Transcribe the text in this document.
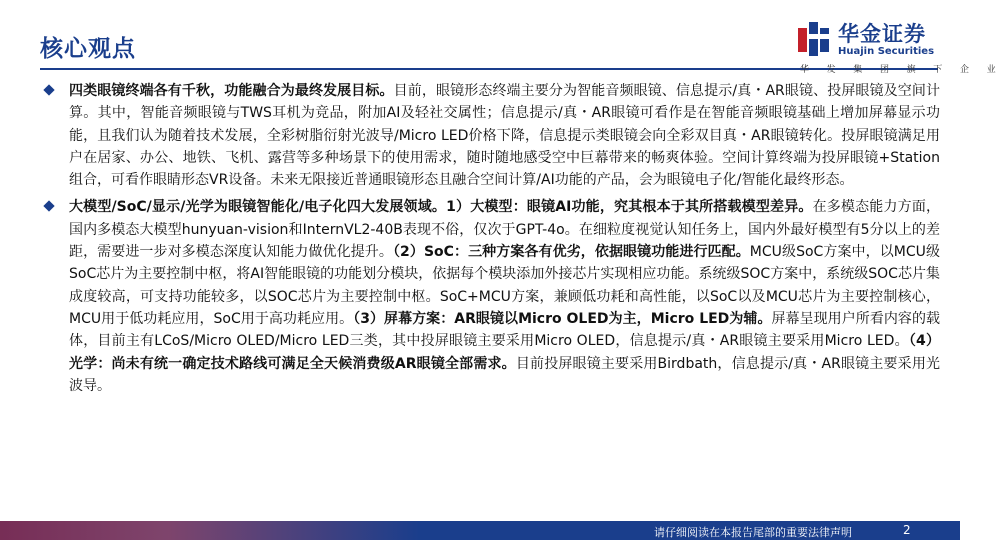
核心观点
华金证券
Huajin Securities
华 发 集 团 旗 下 企 业
四类眼镜终端各有千秋，功能融合为最终发展目标。目前，眼镜形态终端主要分为智能音频眼镜、信息提示/真・AR眼镜、投屏眼镜及空间计算。其中，智能音频眼镜与TWS耳机为竞品，附加AI及轻社交属性；信息提示/真・AR眼镜可看作是在智能音频眼镜基础上增加屏幕显示功能，且我们认为随着技术发展，全彩树脂衍射光波导/Micro LED价格下降，信息提示类眼镜会向全彩双目真・AR眼镜转化。投屏眼镜满足用户在居家、办公、地铁、飞机、露营等多种场景下的使用需求，随时随地感受空中巨幕带来的畅爽体验。空间计算终端为投屏眼镜+Station组合，可看作眼睛形态VR设备。未来无限接近普通眼镜形态且融合空间计算/AI功能的产品，会为眼镜电子化/智能化最终形态。
大模型/SoC/显示/光学为眼镜智能化/电子化四大发展领域。1）大模型：眼镜AI功能，究其根本于其所搭载模型差异。在多模态能力方面，国内多模态大模型hunyuan-vision和InternVL2-40B表现不俗，仅次于GPT-4o。在细粒度视觉认知任务上，国内外最好模型有5分以上的差距，需要进一步对多模态深度认知能力做优化提升。（2）SoC：三种方案各有优劣，依据眼镜功能进行匹配。MCU级SoC方案中，以MCU级SoC芯片为主要控制中枢，将AI智能眼镜的功能划分模块，依据每个模块添加外接芯片实现相应功能。系统级SOC方案中，系统级SOC芯片集成度较高，可支持功能较多，以SOC芯片为主要控制中枢。SoC+MCU方案，兼顾低功耗和高性能，以SoC以及MCU芯片为主要控制核心，MCU用于低功耗应用，SoC用于高功耗应用。（3）屏幕方案：AR眼镜以Micro OLED为主，Micro LED为辅。屏幕呈现用户所看内容的载体，目前主有LCoS/Micro OLED/Micro LED三类，其中投屏眼镜主要采用Micro OLED，信息提示/真・AR眼镜主要采用Micro LED。（4）光学：尚未有统一确定技术路线可满足全天候消费级AR眼镜全部需求。目前投屏眼镜主要采用Birdbath，信息提示/真・AR眼镜主要采用光波导。
请仔细阅读在本报告尾部的重要法律声明	2
